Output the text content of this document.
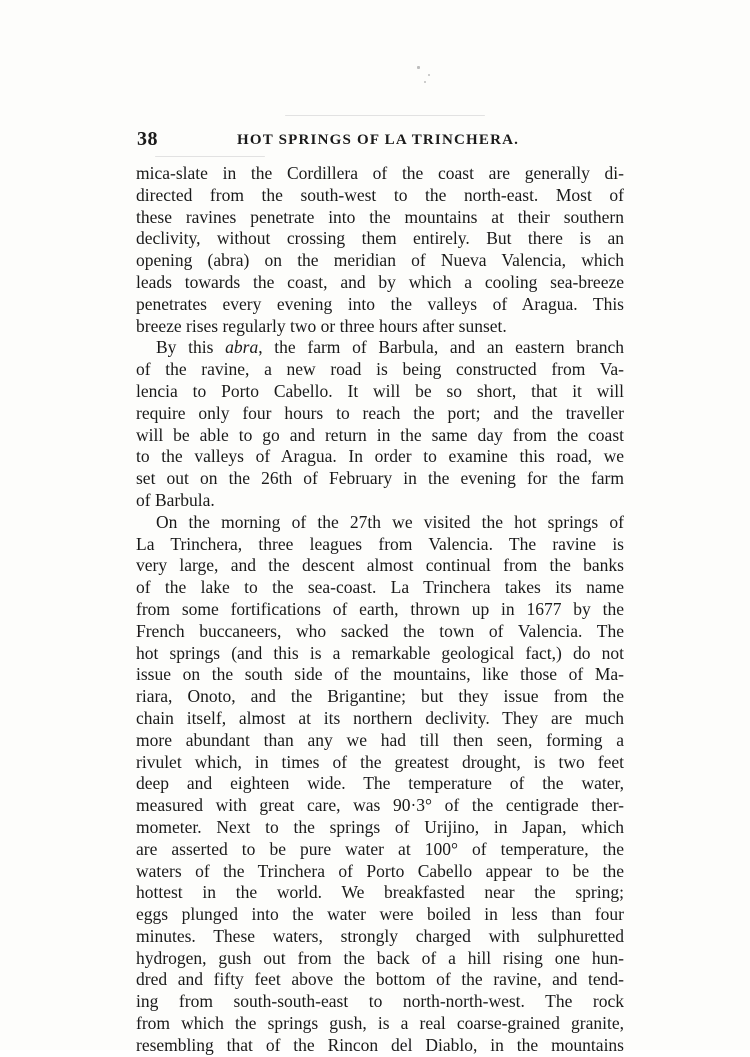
38	HOT SPRINGS OF LA TRINCHERA.
mica-slate in the Cordillera of the coast are generally di-
directed from the south-west to the north-east. Most of
these ravines penetrate into the mountains at their southern
declivity, without crossing them entirely. But there is an
opening (abra) on the meridian of Nueva Valencia, which
leads towards the coast, and by which a cooling sea-breeze
penetrates every evening into the valleys of Aragua. This
breeze rises regularly two or three hours after sunset.
By this abra, the farm of Barbula, and an eastern branch
of the ravine, a new road is being constructed from Va-
lencia to Porto Cabello. It will be so short, that it will
require only four hours to reach the port; and the traveller
will be able to go and return in the same day from the coast
to the valleys of Aragua. In order to examine this road, we
set out on the 26th of February in the evening for the farm
of Barbula.
On the morning of the 27th we visited the hot springs of
La Trinchera, three leagues from Valencia. The ravine is
very large, and the descent almost continual from the banks
of the lake to the sea-coast. La Trinchera takes its name
from some fortifications of earth, thrown up in 1677 by the
French buccaneers, who sacked the town of Valencia. The
hot springs (and this is a remarkable geological fact,) do not
issue on the south side of the mountains, like those of Ma-
riara, Onoto, and the Brigantine; but they issue from the
chain itself, almost at its northern declivity. They are much
more abundant than any we had till then seen, forming a
rivulet which, in times of the greatest drought, is two feet
deep and eighteen wide. The temperature of the water,
measured with great care, was 90·3° of the centigrade ther-
mometer. Next to the springs of Urijino, in Japan, which
are asserted to be pure water at 100° of temperature, the
waters of the Trinchera of Porto Cabello appear to be the
hottest in the world. We breakfasted near the spring;
eggs plunged into the water were boiled in less than four
minutes. These waters, strongly charged with sulphuretted
hydrogen, gush out from the back of a hill rising one hun-
dred and fifty feet above the bottom of the ravine, and tend-
ing from south-south-east to north-north-west. The rock
from which the springs gush, is a real coarse-grained granite,
resembling that of the Rincon del Diablo, in the mountains
